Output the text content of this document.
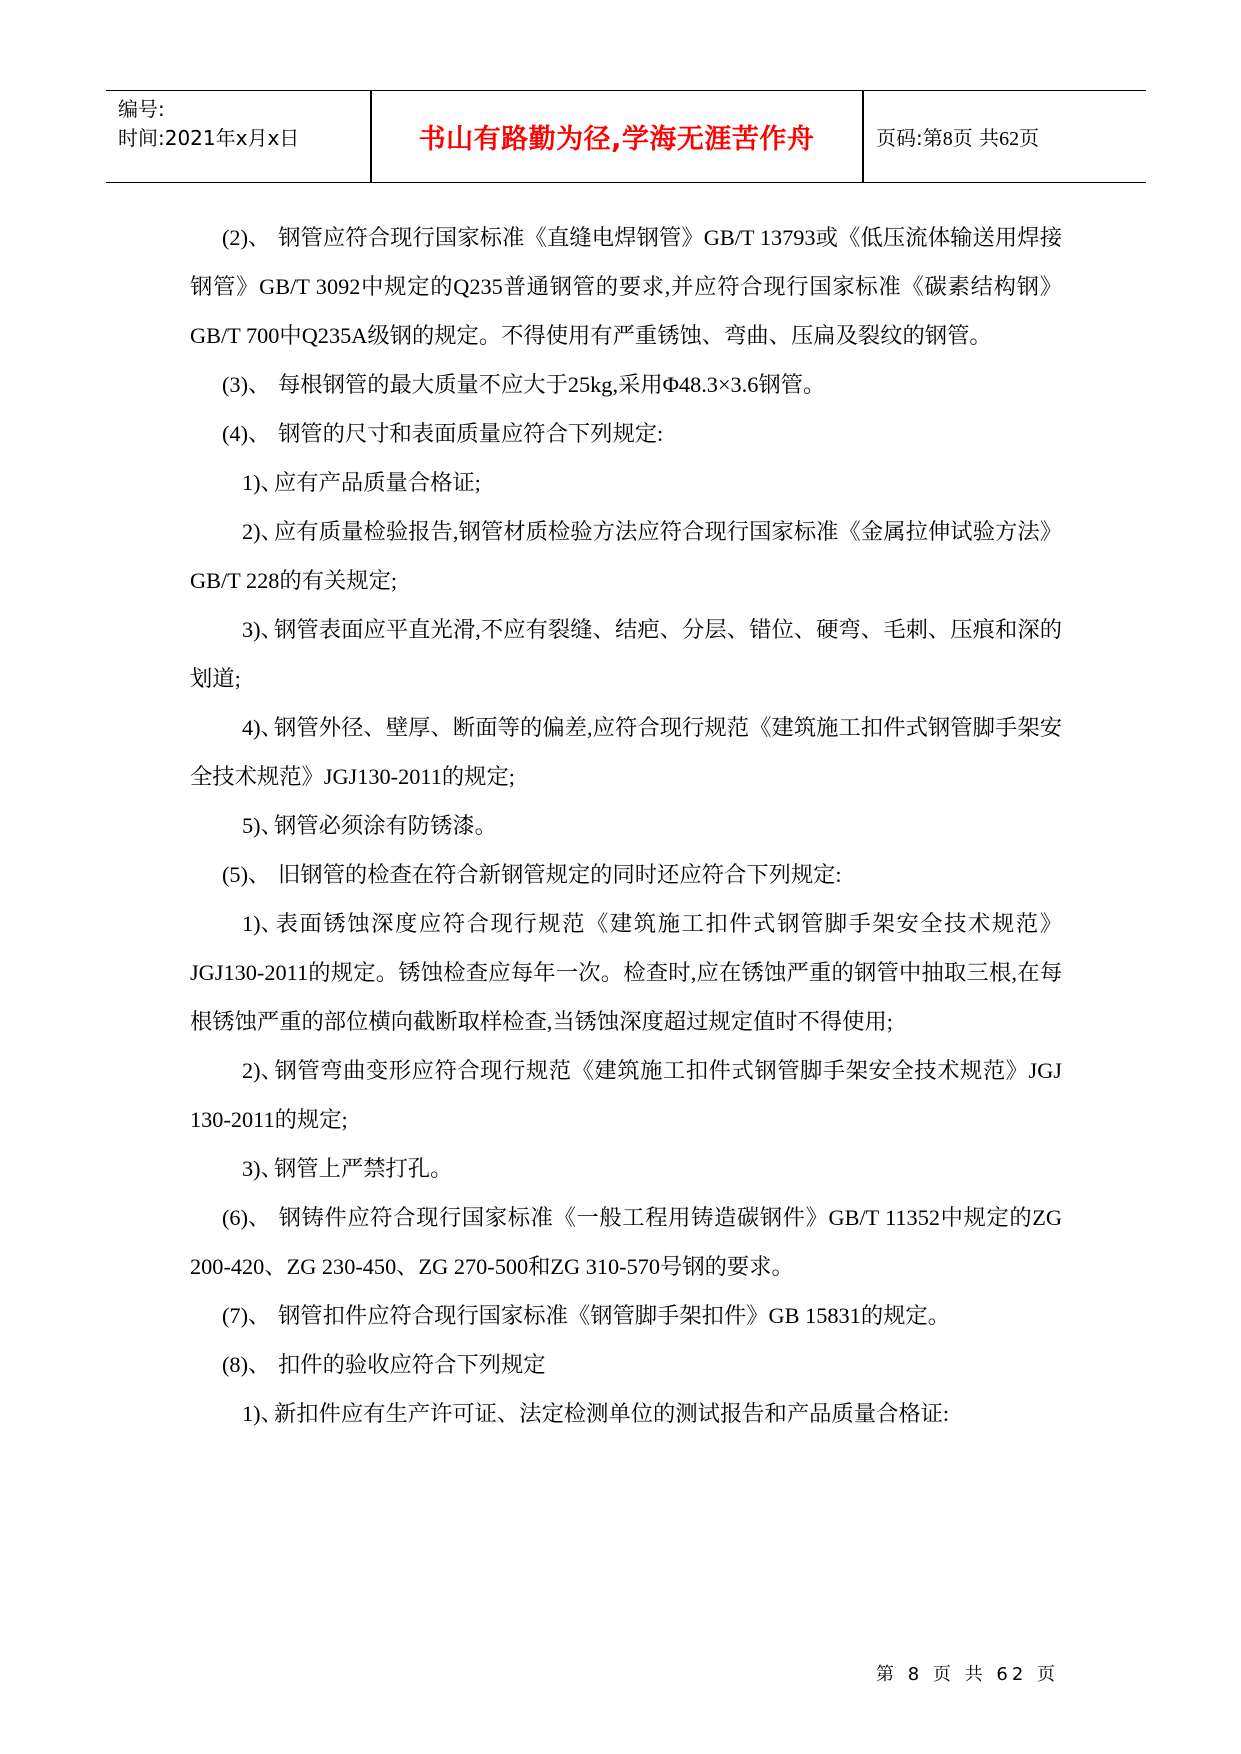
编号:
时间:2021年x月x日	书山有路勤为径,学海无涯苦作舟	页码:第8页 共62页

(2)、 钢管应符合现行国家标准《直缝电焊钢管》GB/T 13793或《低压流体输送用焊接钢管》GB/T 3092中规定的Q235普通钢管的要求,并应符合现行国家标准《碳素结构钢》GB/T 700中Q235A级钢的规定。不得使用有严重锈蚀、弯曲、压扁及裂纹的钢管。

(3)、 每根钢管的最大质量不应大于25kg,采用Φ48.3×3.6钢管。

(4)、 钢管的尺寸和表面质量应符合下列规定:

1)、应有产品质量合格证;

2)、应有质量检验报告,钢管材质检验方法应符合现行国家标准《金属拉伸试验方法》GB/T 228的有关规定;

3)、钢管表面应平直光滑,不应有裂缝、结疤、分层、错位、硬弯、毛刺、压痕和深的划道;

4)、钢管外径、壁厚、断面等的偏差,应符合现行规范《建筑施工扣件式钢管脚手架安全技术规范》JGJ130-2011的规定;

5)、钢管必须涂有防锈漆。

(5)、 旧钢管的检查在符合新钢管规定的同时还应符合下列规定:

1)、表面锈蚀深度应符合现行规范《建筑施工扣件式钢管脚手架安全技术规范》JGJ130-2011的规定。锈蚀检查应每年一次。检查时,应在锈蚀严重的钢管中抽取三根,在每根锈蚀严重的部位横向截断取样检查,当锈蚀深度超过规定值时不得使用;

2)、钢管弯曲变形应符合现行规范《建筑施工扣件式钢管脚手架安全技术规范》JGJ 130-2011的规定;

3)、钢管上严禁打孔。

(6)、 钢铸件应符合现行国家标准《一般工程用铸造碳钢件》GB/T 11352中规定的ZG 200-420、ZG 230-450、ZG 270-500和ZG 310-570号钢的要求。

(7)、 钢管扣件应符合现行国家标准《钢管脚手架扣件》GB 15831的规定。

(8)、 扣件的验收应符合下列规定

1)、新扣件应有生产许可证、法定检测单位的测试报告和产品质量合格证:

第 8 页 共 62 页
